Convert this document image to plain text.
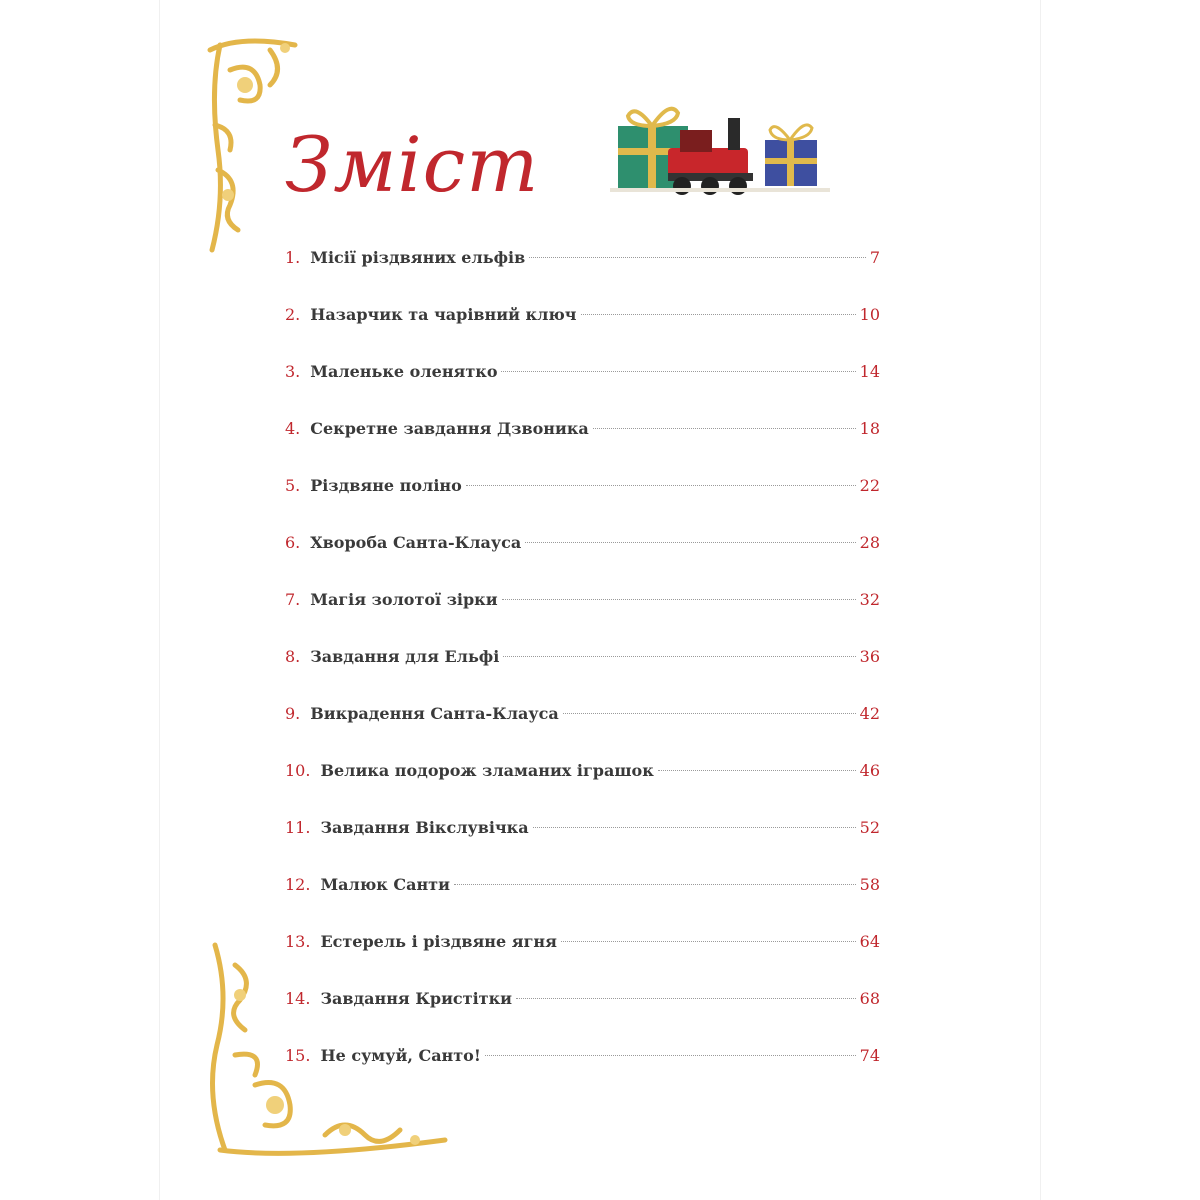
Зміст
1. Місії різдвяних ельфів	7
2. Назарчик та чарівний ключ	10
3. Маленьке оленятко	14
4. Секретне завдання Дзвоника	18
5. Різдвяне поліно	22
6. Хвороба Санта-Клауса	28
7. Магія золотої зірки	32
8. Завдання для Ельфі	36
9. Викрадення Санта-Клауса	42
10. Велика подорож зламаних іграшок	46
11. Завдання Вікслувічка	52
12. Малюк Санти	58
13. Естерель і різдвяне ягня	64
14. Завдання Кристітки	68
15. Не сумуй, Санто!	74
